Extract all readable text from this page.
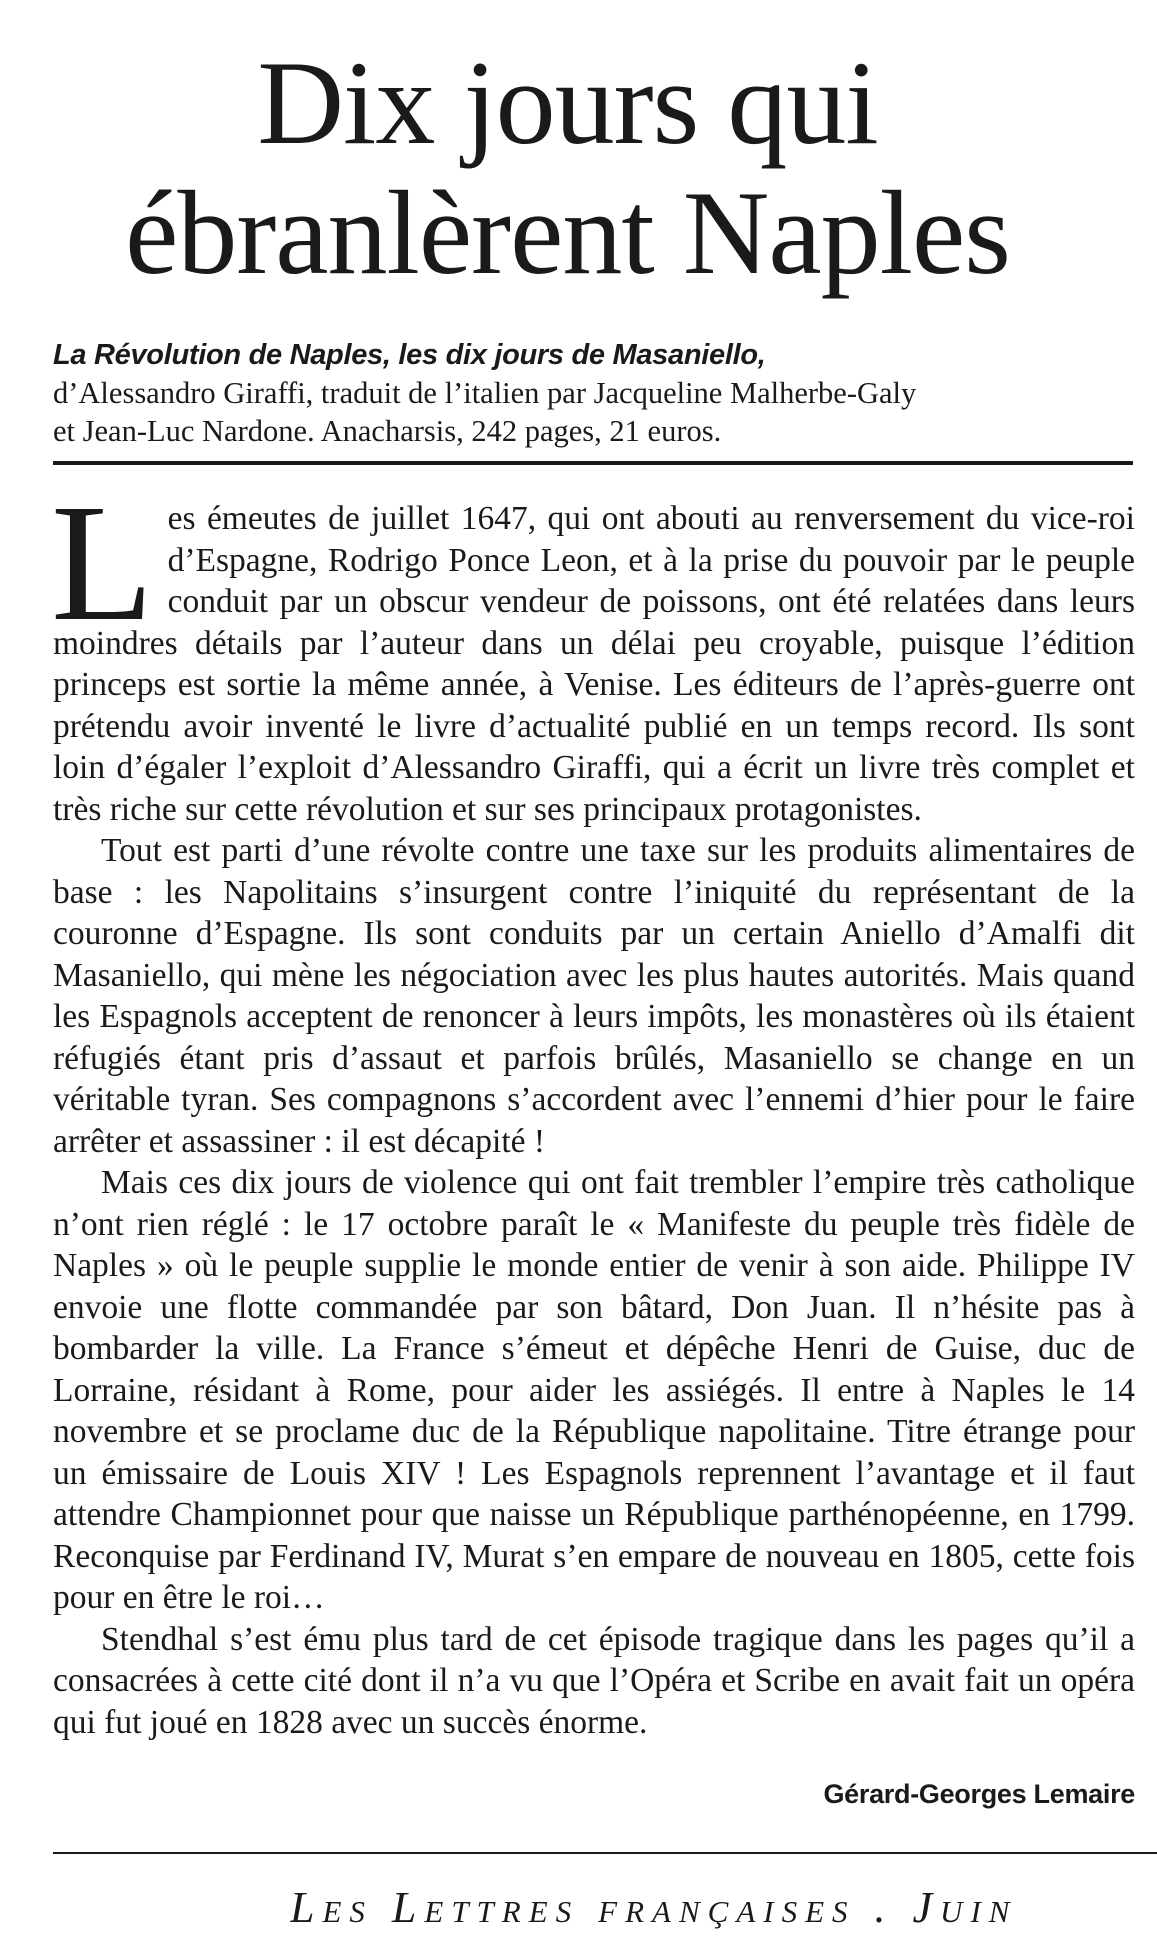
Dix jours qui
ébranlèrent Naples
La Révolution de Naples, les dix jours de Masaniello,
d’Alessandro Giraffi, traduit de l’italien par Jacqueline Malherbe-Galy
et Jean-Luc Nardone. Anacharsis, 242 pages, 21 euros.

Les émeutes de juillet 1647, qui ont abouti au renversement du vice-roi d’Espagne, Rodrigo Ponce Leon, et à la prise du pouvoir par le peuple conduit par un obscur vendeur de poissons, ont été relatées dans leurs moindres détails par l’auteur dans un délai peu croyable, puisque l’édition princeps est sortie la même année, à Venise. Les éditeurs de l’après-guerre ont prétendu avoir inventé le livre d’actualité publié en un temps record. Ils sont loin d’égaler l’exploit d’Alessandro Giraffi, qui a écrit un livre très complet et très riche sur cette révolution et sur ses principaux protagonistes.

Tout est parti d’une révolte contre une taxe sur les produits alimentaires de base : les Napolitains s’insurgent contre l’iniquité du représentant de la couronne d’Espagne. Ils sont conduits par un certain Aniello d’Amalfi dit Masaniello, qui mène les négociation avec les plus hautes autorités. Mais quand les Espagnols acceptent de renoncer à leurs impôts, les monastères où ils étaient réfugiés étant pris d’assaut et parfois brûlés, Masaniello se change en un véritable tyran. Ses compagnons s’accordent avec l’ennemi d’hier pour le faire arrêter et assassiner : il est décapité !

Mais ces dix jours de violence qui ont fait trembler l’empire très catholique n’ont rien réglé : le 17 octobre paraît le « Manifeste du peuple très fidèle de Naples » où le peuple supplie le monde entier de venir à son aide. Philippe IV envoie une flotte commandée par son bâtard, Don Juan. Il n’hésite pas à bombarder la ville. La France s’émeut et dépêche Henri de Guise, duc de Lorraine, résidant à Rome, pour aider les assiégés. Il entre à Naples le 14 novembre et se proclame duc de la République napolitaine. Titre étrange pour un émissaire de Louis XIV ! Les Espagnols reprennent l’avantage et il faut attendre Championnet pour que naisse un République parthénopéenne, en 1799. Reconquise par Ferdinand IV, Murat s’en empare de nouveau en 1805, cette fois pour en être le roi…

Stendhal s’est ému plus tard de cet épisode tragique dans les pages qu’il a consacrées à cette cité dont il n’a vu que l’Opéra et Scribe en avait fait un opéra qui fut joué en 1828 avec un succès énorme.

Gérard-Georges Lemaire
Les Lettres françaises . Juin
